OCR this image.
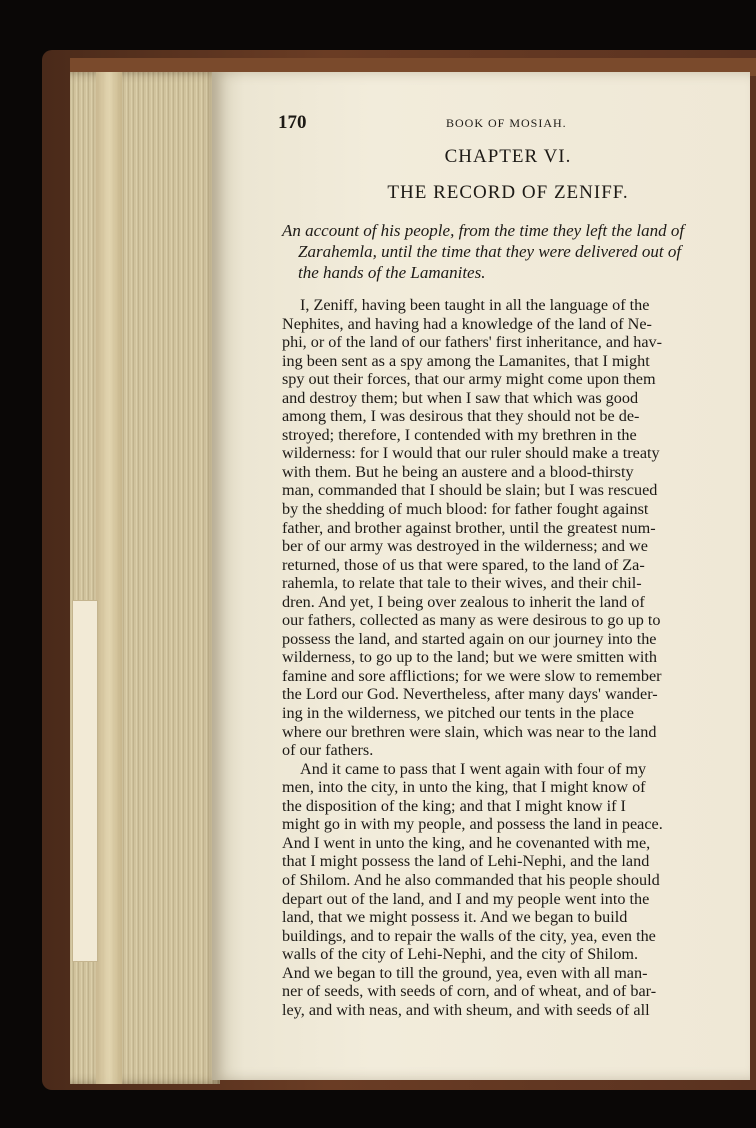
170	BOOK OF MOSIAH.
CHAPTER VI.
THE RECORD OF ZENIFF.
An account of his people, from the time they left the land of
Zarahemla, until the time that they were delivered out of
the hands of the Lamanites.
I, Zeniff, having been taught in all the language of the
Nephites, and having had a knowledge of the land of Ne-
phi, or of the land of our fathers' first inheritance, and hav-
ing been sent as a spy among the Lamanites, that I might
spy out their forces, that our army might come upon them
and destroy them; but when I saw that which was good
among them, I was desirous that they should not be de-
stroyed; therefore, I contended with my brethren in the
wilderness: for I would that our ruler should make a treaty
with them. But he being an austere and a blood-thirsty
man, commanded that I should be slain; but I was rescued
by the shedding of much blood: for father fought against
father, and brother against brother, until the greatest num-
ber of our army was destroyed in the wilderness; and we
returned, those of us that were spared, to the land of Za-
rahemla, to relate that tale to their wives, and their chil-
dren. And yet, I being over zealous to inherit the land of
our fathers, collected as many as were desirous to go up to
possess the land, and started again on our journey into the
wilderness, to go up to the land; but we were smitten with
famine and sore afflictions; for we were slow to remember
the Lord our God. Nevertheless, after many days' wander-
ing in the wilderness, we pitched our tents in the place
where our brethren were slain, which was near to the land
of our fathers.
And it came to pass that I went again with four of my
men, into the city, in unto the king, that I might know of
the disposition of the king; and that I might know if I
might go in with my people, and possess the land in peace.
And I went in unto the king, and he covenanted with me,
that I might possess the land of Lehi-Nephi, and the land
of Shilom. And he also commanded that his people should
depart out of the land, and I and my people went into the
land, that we might possess it. And we began to build
buildings, and to repair the walls of the city, yea, even the
walls of the city of Lehi-Nephi, and the city of Shilom.
And we began to till the ground, yea, even with all man-
ner of seeds, with seeds of corn, and of wheat, and of bar-
ley, and with neas, and with sheum, and with seeds of all
